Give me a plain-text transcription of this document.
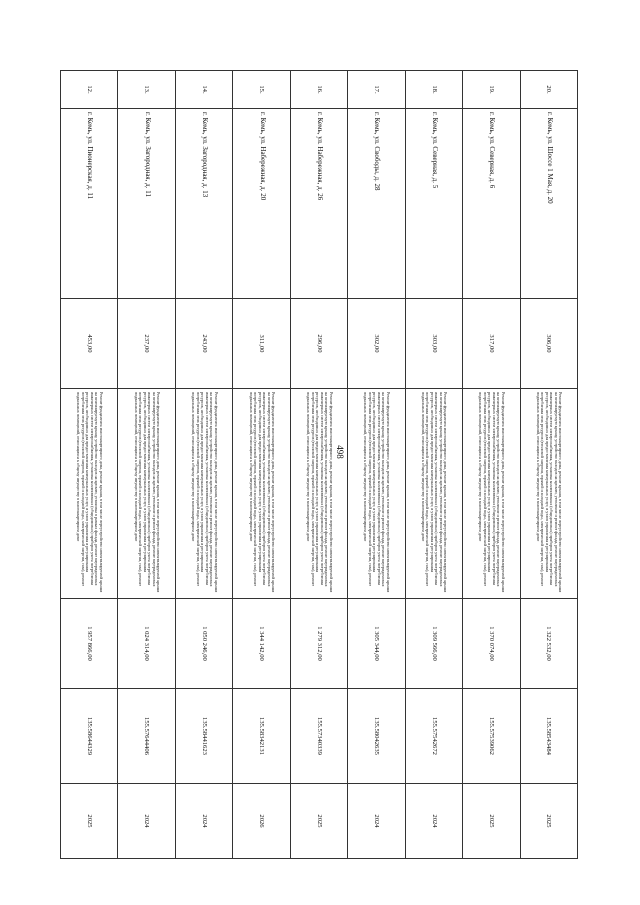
498
20.	г. Кемь, ул. Шоссе 1 Мая, д. 20	306,00	Ремонт фундамента многоквартирного дома, ремонт крыши, в том числе переустройство невентилируемой крыши на вентилируемую крышу, устройство выходов на кровлю, утепление и ремонт фасада, ремонт внутридомовых инженерных систем электроснабжения, установка коллективных (общедомовых) приборов учета потребления ресурсов, необходимых для предоставления коммунальных услуг, и узлов управления и регулирования потребления этих ресурсов (тепловой энергии, горячей и холодной воды, электрической энергии, газа), ремонт подвальных помещений, относящихся к общему имуществу в многоквартирном доме	1 322 532,00	135.58543484	2025
19.	г. Кемь, ул. Северная, д. 6	317,00	Ремонт фундамента многоквартирного дома, ремонт крыши, в том числе переустройство невентилируемой крыши на вентилируемую крышу, устройство выходов на кровлю, утепление и ремонт фасада, ремонт внутридомовых инженерных систем электроснабжения, установка коллективных (общедомовых) приборов учета потребления ресурсов, необходимых для предоставления коммунальных услуг, и узлов управления и регулирования потребления этих ресурсов (тепловой энергии, горячей и холодной воды, электрической энергии, газа), ремонт подвальных помещений, относящихся к общему имуществу в многоквартирном доме	1 370 074,00	155.57539062	2025
18.	г. Кемь, ул. Северная, д. 5	303,00	Ремонт фундамента многоквартирного дома, ремонт крыши, в том числе переустройство невентилируемой крыши на вентилируемую крышу, устройство выходов на кровлю, утепление и ремонт фасада, ремонт внутридомовых инженерных систем электроснабжения, установка коллективных (общедомовых) приборов учета потребления ресурсов, необходимых для предоставления коммунальных услуг, и узлов управления и регулирования потребления этих ресурсов (тепловой энергии, горячей и холодной воды, электрической энергии, газа), ремонт подвальных помещений, относящихся к общему имуществу в многоквартирном доме	1 309 566,00	155.57542672	2024
17.	г. Кемь, ул. Свободы, д. 28	302,00	Ремонт фундамента многоквартирного дома, ремонт крыши, в том числе переустройство невентилируемой крыши на вентилируемую крышу, устройство выходов на кровлю, утепление и ремонт фасада, ремонт внутридомовых инженерных систем электроснабжения, установка коллективных (общедомовых) приборов учета потребления ресурсов, необходимых для предоставления коммунальных услуг, и узлов управления и регулирования потребления этих ресурсов (тепловой энергии, горячей и холодной воды, электрической энергии, газа), ремонт подвальных помещений, относящихся к общему имуществу в многоквартирном доме	1 305 344,00	135.58042635	2024
16.	г. Кемь, ул. Набережная, д. 26	296,00	Ремонт фундамента многоквартирного дома, ремонт крыши, в том числе переустройство невентилируемой крыши на вентилируемую крышу, устройство выходов на кровлю, утепление и ремонт фасада, ремонт внутридомовых инженерных систем электроснабжения, установка коллективных (общедомовых) приборов учета потребления ресурсов, необходимых для предоставления коммунальных услуг, и узлов управления и регулирования потребления этих ресурсов (тепловой энергии, горячей и холодной воды, электрической энергии, газа), ремонт подвальных помещений, относящихся к общему имуществу в многоквартирном доме	1 279 312,00	155.57340339	2025
15.	г. Кемь, ул. Набережная, д. 20	311,00	Ремонт фундамента многоквартирного дома, ремонт крыши, в том числе переустройство невентилируемой крыши на вентилируемую крышу, устройство выходов на кровлю, утепление и ремонт фасада, ремонт внутридомовых инженерных систем электроснабжения, установка коллективных (общедомовых) приборов учета потребления ресурсов, необходимых для предоставления коммунальных услуг, и узлов управления и регулирования потребления этих ресурсов (тепловой энергии, горячей и холодной воды, электрической энергии, газа), ремонт подвальных помещений, относящихся к общему имуществу в многоквартирном доме	1 344 142,00	135.58342131	2026
14.	г. Кемь, ул. Загородная, д. 13	243,00	Ремонт фундамента многоквартирного дома, ремонт крыши, в том числе переустройство невентилируемой крыши на вентилируемую крышу, устройство выходов на кровлю, утепление и ремонт фасада, ремонт внутридомовых инженерных систем электроснабжения, установка коллективных (общедомовых) приборов учета потребления ресурсов, необходимых для предоставления коммунальных услуг, и узлов управления и регулирования потребления этих ресурсов (тепловой энергии, горячей и холодной воды, электрической энергии, газа), ремонт подвальных помещений, относящихся к общему имуществу в многоквартирном доме	1 050 246,00	135.58441623	2024
13.	г. Кемь, ул. Загородная, д. 11	237,00	Ремонт фундамента многоквартирного дома, ремонт крыши, в том числе переустройство невентилируемой крыши на вентилируемую крышу, устройство выходов на кровлю, утепление и ремонт фасада, ремонт внутридомовых инженерных систем электроснабжения, установка коллективных (общедомовых) приборов учета потребления ресурсов, необходимых для предоставления коммунальных услуг, и узлов управления и регулирования потребления этих ресурсов (тепловой энергии, горячей и холодной воды, электрической энергии, газа), ремонт подвальных помещений, относящихся к общему имуществу в многоквартирном доме	1 024 314,00	155.57644406	2024
12.	г. Кемь, ул. Пионерская, д. 11	453,00	Ремонт фундамента многоквартирного дома, ремонт крыши, в том числе переустройство невентилируемой крыши на вентилируемую крышу, устройство выходов на кровлю, установка в рамках фасада, ремонт внутридомовых инженерных систем электроснабжения, установка коллективных (общедомовых) приборов учета потребления ресурсов, необходимых для предоставления коммунальных услуг, и узлов управления и регулирования потребления этих ресурсов (тепловой энергии, горячей и холодной воды, электрической энергии, газа), ремонт подвальных помещений, относящихся к общему имуществу в многоквартирном доме	1 957 866,00	135:58644329	2025
